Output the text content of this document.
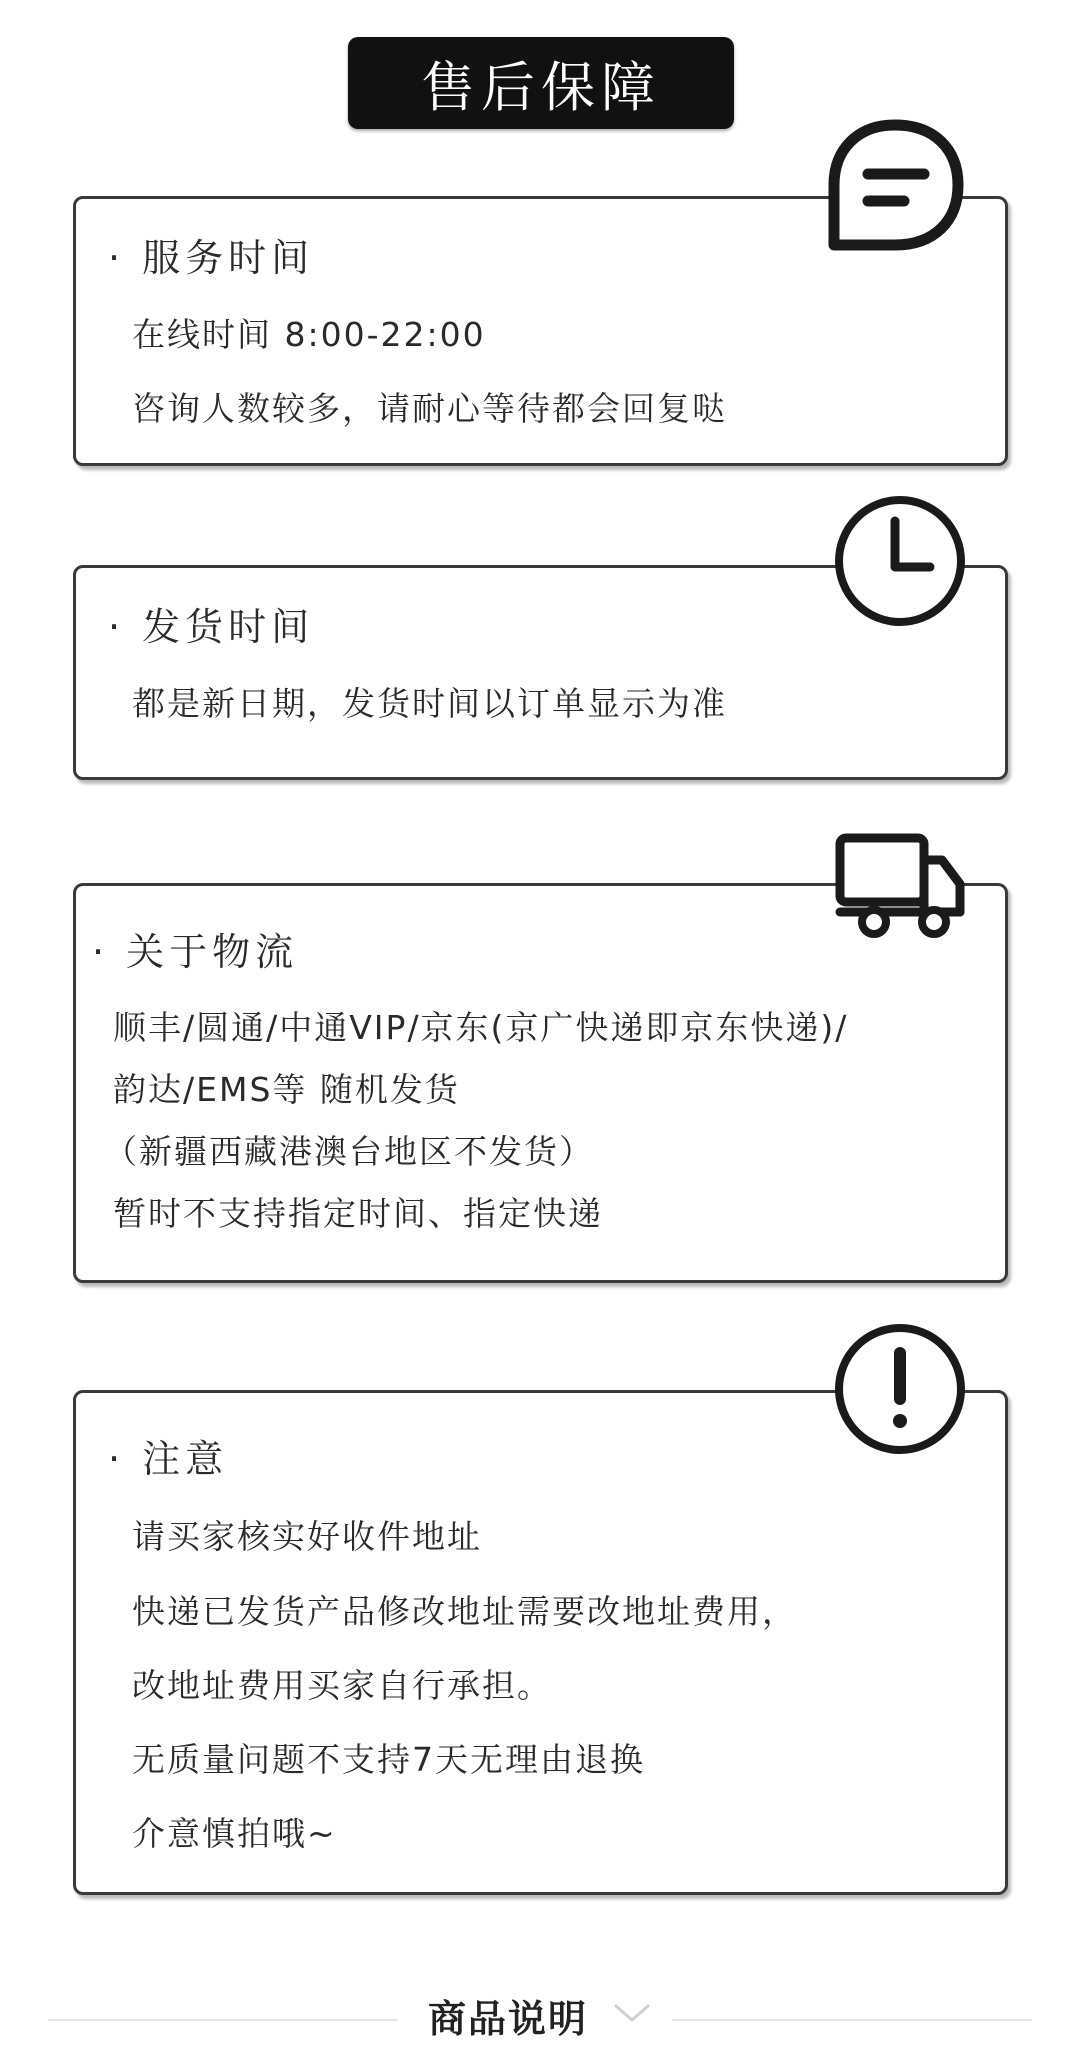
售后保障
· 服务时间
在线时间 8:00-22:00
咨询人数较多，请耐心等待都会回复哒
· 发货时间
都是新日期，发货时间以订单显示为准
· 关于物流
顺丰/圆通/中通VIP/京东(京广快递即京东快递)/
韵达/EMS等 随机发货
（新疆西藏港澳台地区不发货）
暂时不支持指定时间、指定快递
· 注意
请买家核实好收件地址
快递已发货产品修改地址需要改地址费用，
改地址费用买家自行承担。
无质量问题不支持7天无理由退换
介意慎拍哦~
商品说明
